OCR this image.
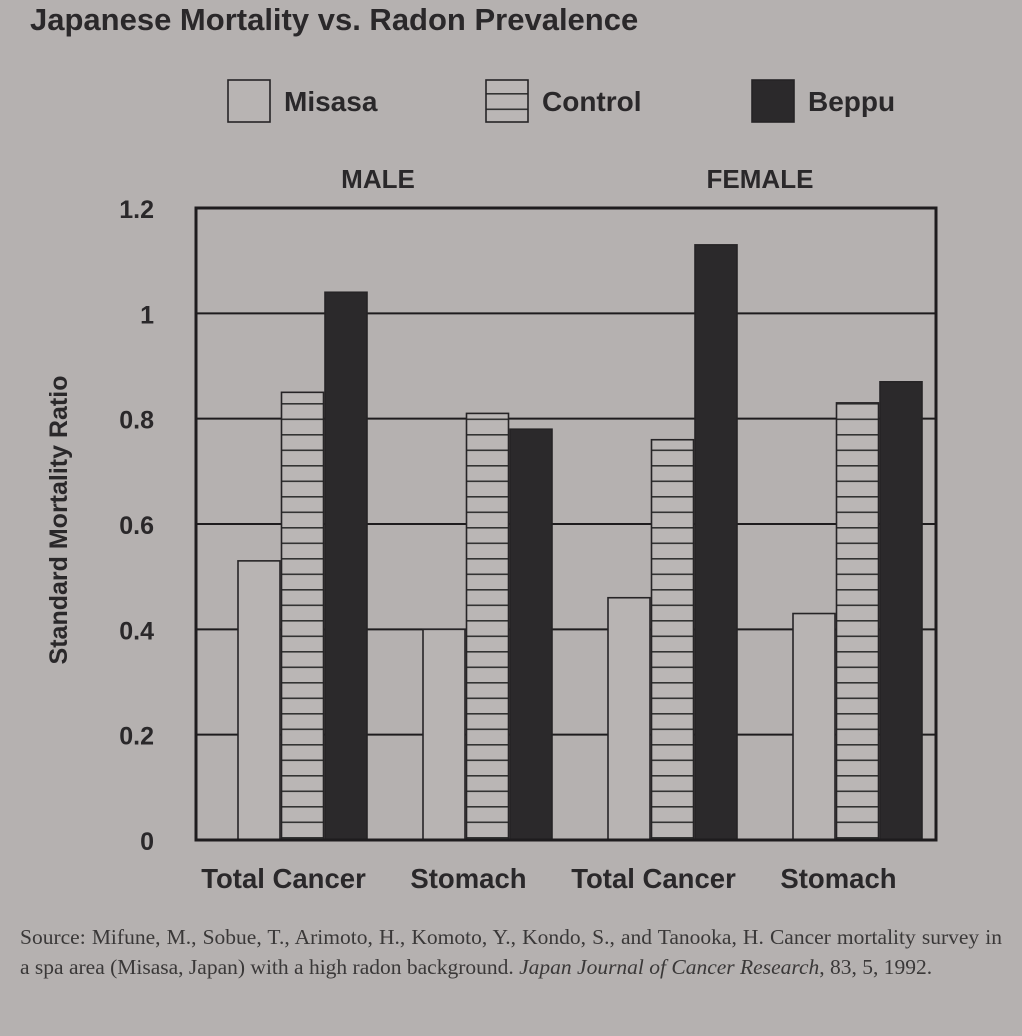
Japanese Mortality vs. Radon Prevalence
Misasa	Control	Beppu
MALE	FEMALE
Standard Mortality Ratio
0
0.2
0.4
0.6
0.8
1
1.2
Total Cancer Stomach Total Cancer Stomach
Source: Mifune, M., Sobue, T., Arimoto, H., Komoto, Y., Kondo, S., and Tanooka, H. Cancer mortality survey in a spa area (Misasa, Japan) with a high radon background. Japan Journal of Cancer Research, 83, 5, 1992.
